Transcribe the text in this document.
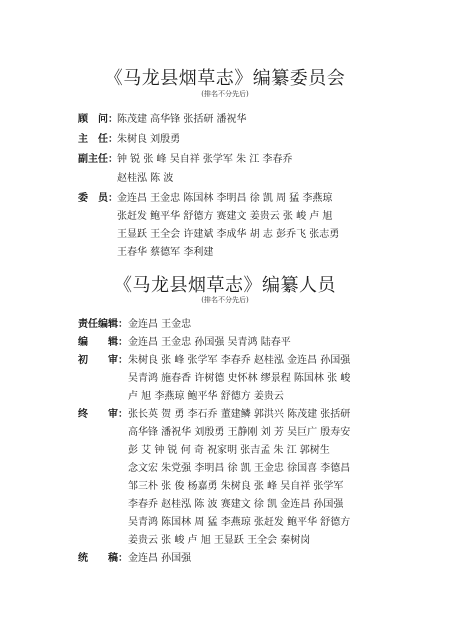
《马龙县烟草志》编纂委员会
(排名不分先后)
顾　问： 陈茂建 高华锋 张括研 潘祝华
主　任： 朱树良 刘殷勇
副主任： 钟 锐 张 峰 吴自祥 张学军 朱 江 李春乔
赵桂泓 陈 波
委　员： 金连昌 王金忠 陈国林 李明昌 徐 凯 周 猛 李燕琼
张赶发 鲍平华 舒德方 赛建文 姜贵云 张 峻 卢 旭
王显跃 王全会 许建斌 李成华 胡 志 彭乔飞 张志勇
王春华 蔡德军 李利建
《马龙县烟草志》编纂人员
(排名不分先后)
责任编辑： 金连昌 王金忠
编　　辑： 金连昌 王金忠 孙国强 吴青鸿 陆春平
初　　审： 朱树良 张 峰 张学军 李春乔 赵桂泓 金连昌 孙国强
吴青鸿 施春香 许树德 史怀林 缪景程 陈国林 张 峻
卢 旭 李燕琼 鲍平华 舒德方 姜贵云
终　　审： 张长英 贺 勇 李石乔 董建鳞 郭洪兴 陈茂建 张括研
高华锋 潘祝华 刘殷勇 王静刚 刘 芳 吴巨广 殷寿安
彭 艾 钟 锐 何 奇 祝家明 张吉孟 朱 江 郭树生
念文宏 朱党强 李明昌 徐 凯 王金忠 徐国喜 李德昌
邹三朴 张 俊 杨嘉勇 朱树良 张 峰 吴自祥 张学军
李春乔 赵桂泓 陈 波 赛建文 徐 凯 金连昌 孙国强
吴青鸿 陈国林 周 猛 李燕琼 张赶发 鲍平华 舒德方
姜贵云 张 峻 卢 旭 王显跃 王全会 秦树岗
统　　稿： 金连昌 孙国强
